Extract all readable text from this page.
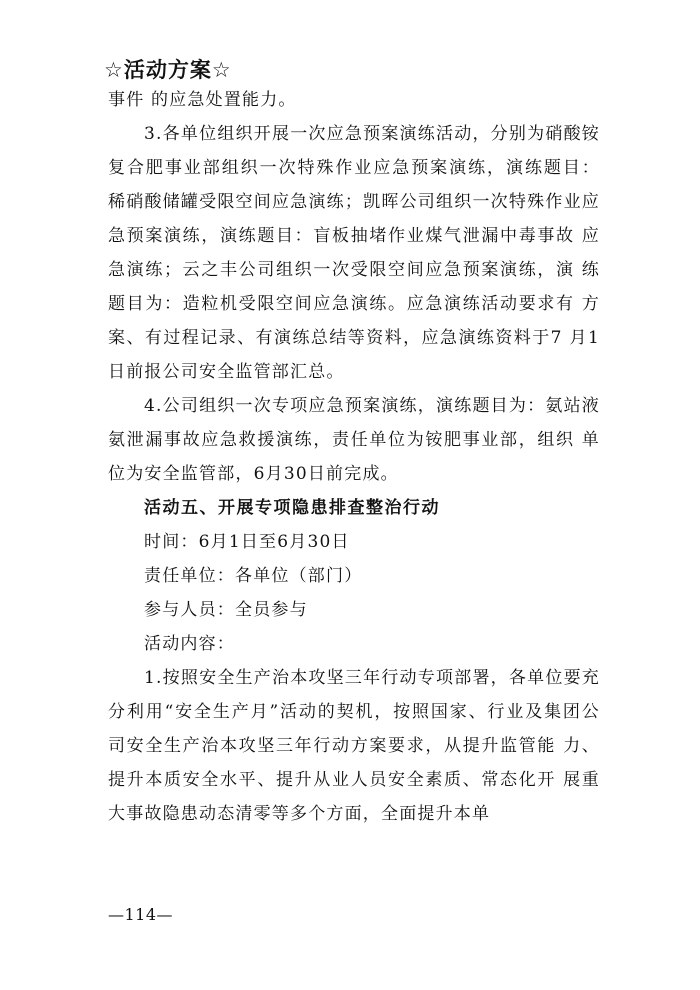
☆活动方案☆

事件 的应急处置能力。

3.各单位组织开展一次应急预案演练活动，分别为硝酸铵复合肥事业部组织一次特殊作业应急预案演练，演练题目： 稀硝酸储罐受限空间应急演练；凯晖公司组织一次特殊作业应急预案演练，演练题目：盲板抽堵作业煤气泄漏中毒事故 应急演练；云之丰公司组织一次受限空间应急预案演练，演 练题目为：造粒机受限空间应急演练。应急演练活动要求有 方案、有过程记录、有演练总结等资料，应急演练资料于7 月1日前报公司安全监管部汇总。

4.公司组织一次专项应急预案演练，演练题目为：氨站液氨泄漏事故应急救援演练，责任单位为铵肥事业部，组织 单位为安全监管部，6月30日前完成。

活动五、开展专项隐患排查整治行动

时间：6月1日至6月30日

责任单位：各单位（部门）

参与人员：全员参与

活动内容：

1.按照安全生产治本攻坚三年行动专项部署，各单位要充分利用“安全生产月”活动的契机，按照国家、行业及集团公司安全生产治本攻坚三年行动方案要求，从提升监管能 力、提升本质安全水平、提升从业人员安全素质、常态化开 展重大事故隐患动态清零等多个方面，全面提升本单

—114—
